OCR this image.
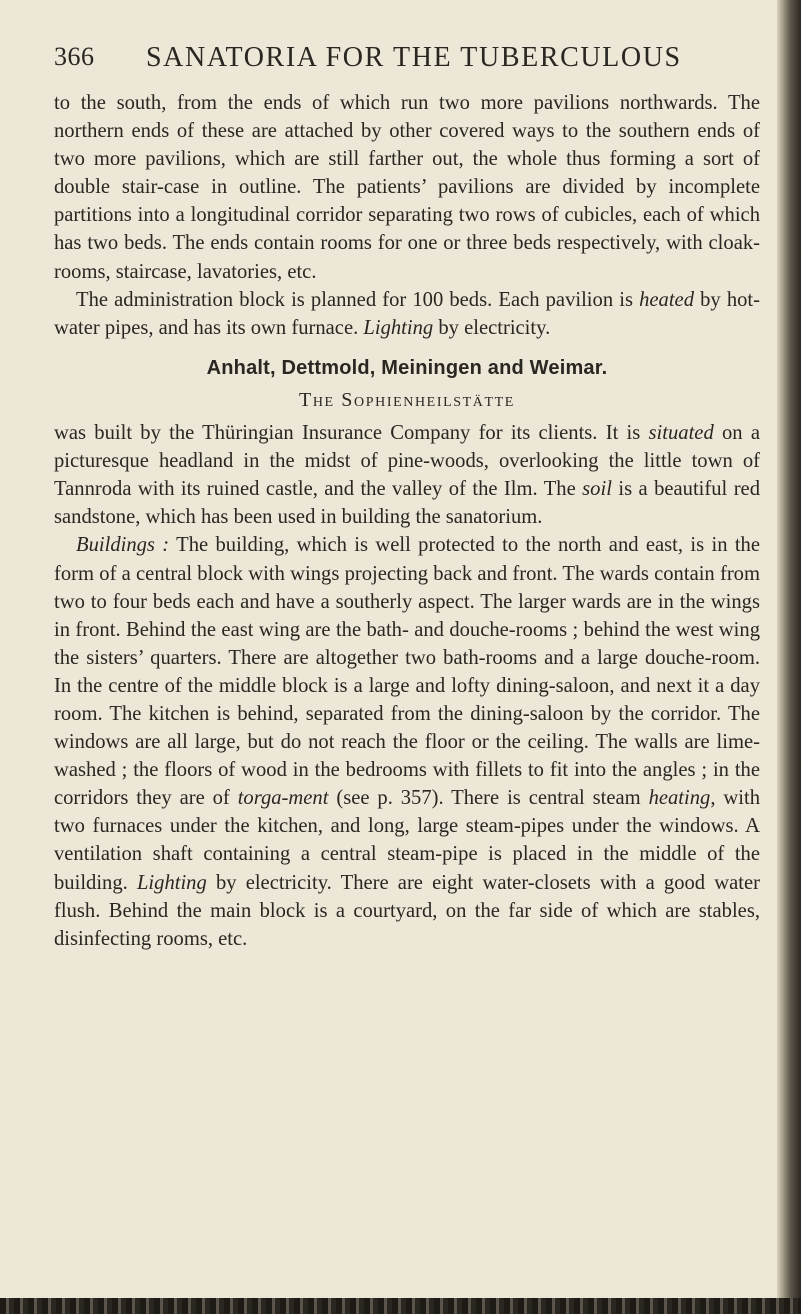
366 SANATORIA FOR THE TUBERCULOUS

to the south, from the ends of which run two more pavilions northwards. The northern ends of these are attached by other covered ways to the southern ends of two more pavilions, which are still farther out, the whole thus forming a sort of double stair-case in outline. The patients’ pavilions are divided by incomplete partitions into a longitudinal corridor separating two rows of cubicles, each of which has two beds. The ends contain rooms for one or three beds respectively, with cloak-rooms, staircase, lavatories, etc.

The administration block is planned for 100 beds. Each pavilion is heated by hot-water pipes, and has its own furnace. Lighting by electricity.

Anhalt, Dettmold, Meiningen and Weimar.
The Sophienheilstätte

was built by the Thüringian Insurance Company for its clients. It is situated on a picturesque headland in the midst of pine-woods, overlooking the little town of Tannroda with its ruined castle, and the valley of the Ilm. The soil is a beautiful red sandstone, which has been used in building the sanatorium.

Buildings : The building, which is well protected to the north and east, is in the form of a central block with wings projecting back and front. The wards contain from two to four beds each and have a southerly aspect. The larger wards are in the wings in front. Behind the east wing are the bath- and douche-rooms ; behind the west wing the sisters’ quarters. There are altogether two bath-rooms and a large douche-room. In the centre of the middle block is a large and lofty dining-saloon, and next it a day room. The kitchen is behind, separated from the dining-saloon by the corridor. The windows are all large, but do not reach the floor or the ceiling. The walls are lime-washed ; the floors of wood in the bedrooms with fillets to fit into the angles ; in the corridors they are of torga-ment (see p. 357). There is central steam heating, with two furnaces under the kitchen, and long, large steam-pipes under the windows. A ventilation shaft containing a central steam-pipe is placed in the middle of the building. Lighting by electricity. There are eight water-closets with a good water flush. Behind the main block is a courtyard, on the far side of which are stables, disinfecting rooms, etc.
